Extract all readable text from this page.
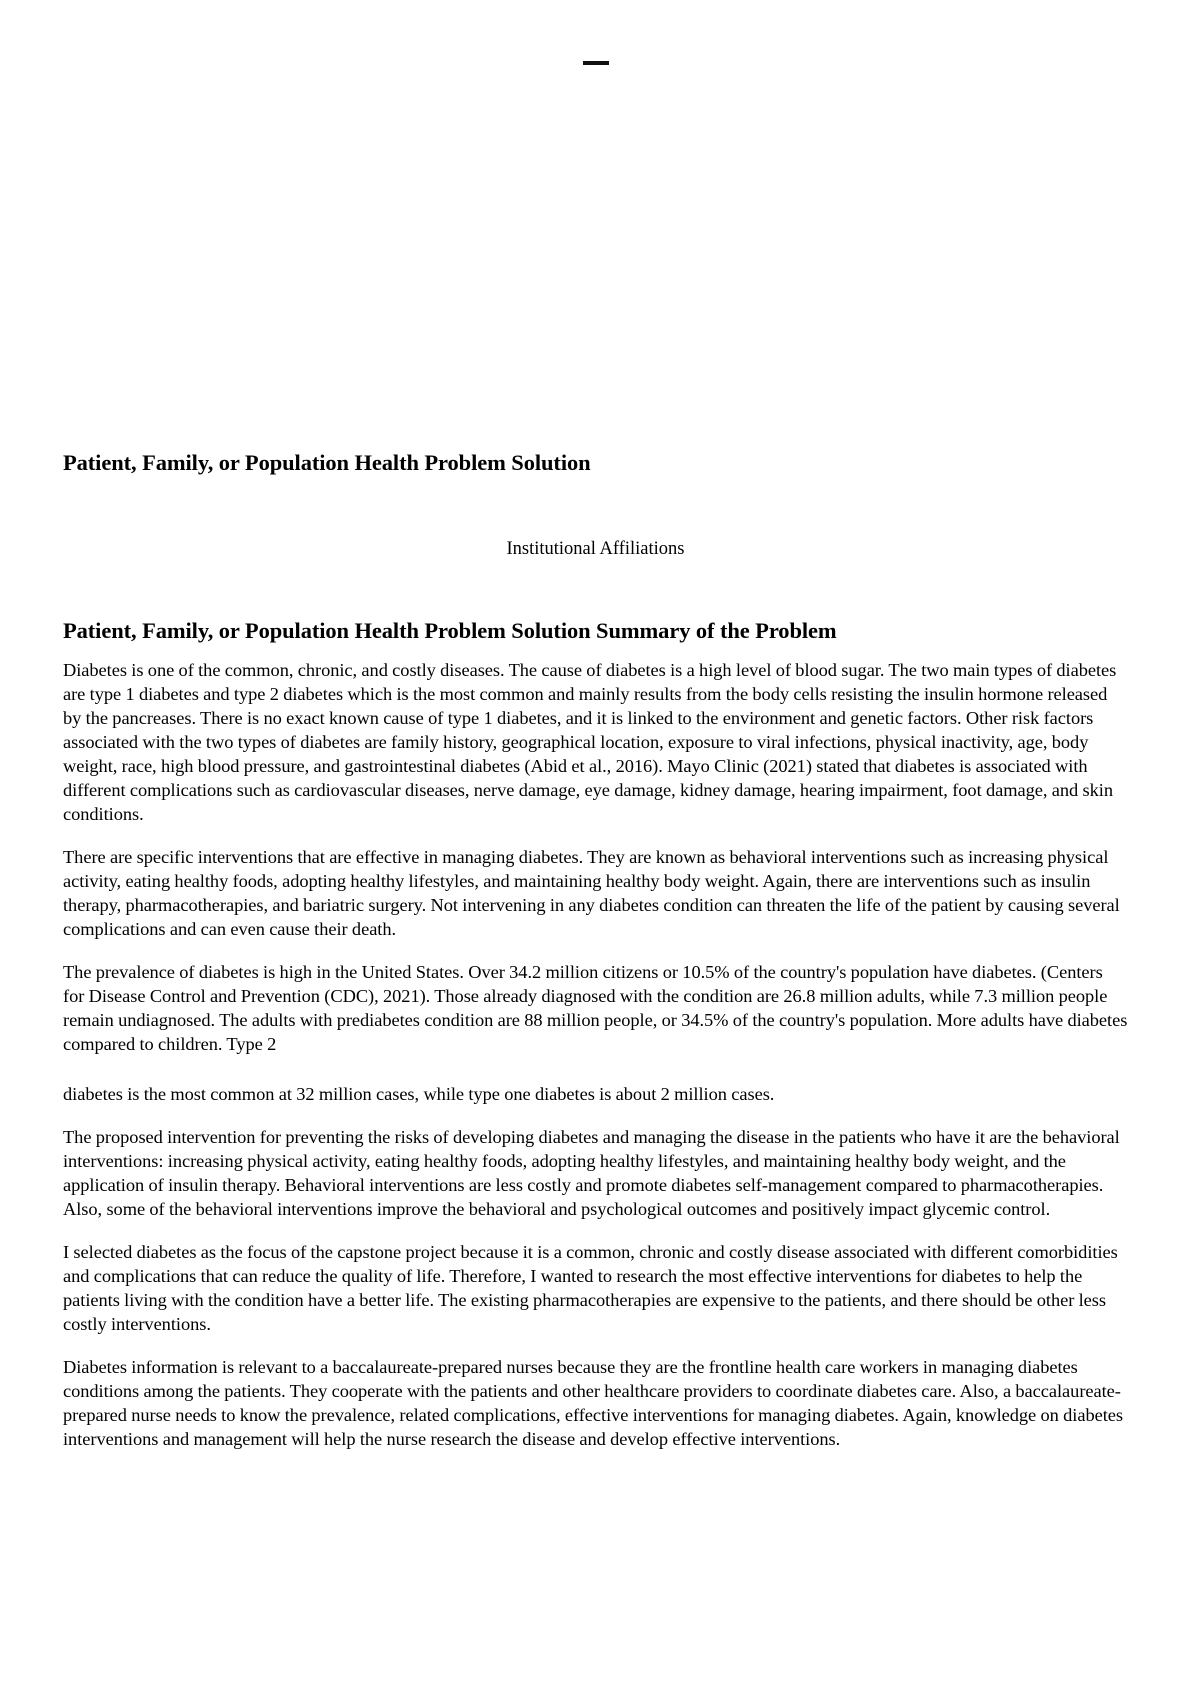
Patient, Family, or Population Health Problem Solution
Institutional Affiliations
Patient, Family, or Population Health Problem Solution Summary of the Problem

Diabetes is one of the common, chronic, and costly diseases. The cause of diabetes is a high level of blood sugar. The two main types of diabetes are type 1 diabetes and type 2 diabetes which is the most common and mainly results from the body cells resisting the insulin hormone released by the pancreases. There is no exact known cause of type 1 diabetes, and it is linked to the environment and genetic factors. Other risk factors associated with the two types of diabetes are family history, geographical location, exposure to viral infections, physical inactivity, age, body weight, race, high blood pressure, and gastrointestinal diabetes (Abid et al., 2016). Mayo Clinic (2021) stated that diabetes is associated with different complications such as cardiovascular diseases, nerve damage, eye damage, kidney damage, hearing impairment, foot damage, and skin conditions.

There are specific interventions that are effective in managing diabetes. They are known as behavioral interventions such as increasing physical activity, eating healthy foods, adopting healthy lifestyles, and maintaining healthy body weight. Again, there are interventions such as insulin therapy, pharmacotherapies, and bariatric surgery. Not intervening in any diabetes condition can threaten the life of the patient by causing several complications and can even cause their death.

The prevalence of diabetes is high in the United States. Over 34.2 million citizens or 10.5% of the country's population have diabetes. (Centers for Disease Control and Prevention (CDC), 2021). Those already diagnosed with the condition are 26.8 million adults, while 7.3 million people remain undiagnosed. The adults with prediabetes condition are 88 million people, or 34.5% of the country's population. More adults have diabetes compared to children. Type 2

diabetes is the most common at 32 million cases, while type one diabetes is about 2 million cases.

The proposed intervention for preventing the risks of developing diabetes and managing the disease in the patients who have it are the behavioral interventions: increasing physical activity, eating healthy foods, adopting healthy lifestyles, and maintaining healthy body weight, and the application of insulin therapy. Behavioral interventions are less costly and promote diabetes self-management compared to pharmacotherapies. Also, some of the behavioral interventions improve the behavioral and psychological outcomes and positively impact glycemic control.

I selected diabetes as the focus of the capstone project because it is a common, chronic and costly disease associated with different comorbidities and complications that can reduce the quality of life. Therefore, I wanted to research the most effective interventions for diabetes to help the patients living with the condition have a better life. The existing pharmacotherapies are expensive to the patients, and there should be other less costly interventions.

Diabetes information is relevant to a baccalaureate-prepared nurses because they are the frontline health care workers in managing diabetes conditions among the patients. They cooperate with the patients and other healthcare providers to coordinate diabetes care. Also, a baccalaureate-prepared nurse needs to know the prevalence, related complications, effective interventions for managing diabetes. Again, knowledge on diabetes interventions and management will help the nurse research the disease and develop effective interventions.
